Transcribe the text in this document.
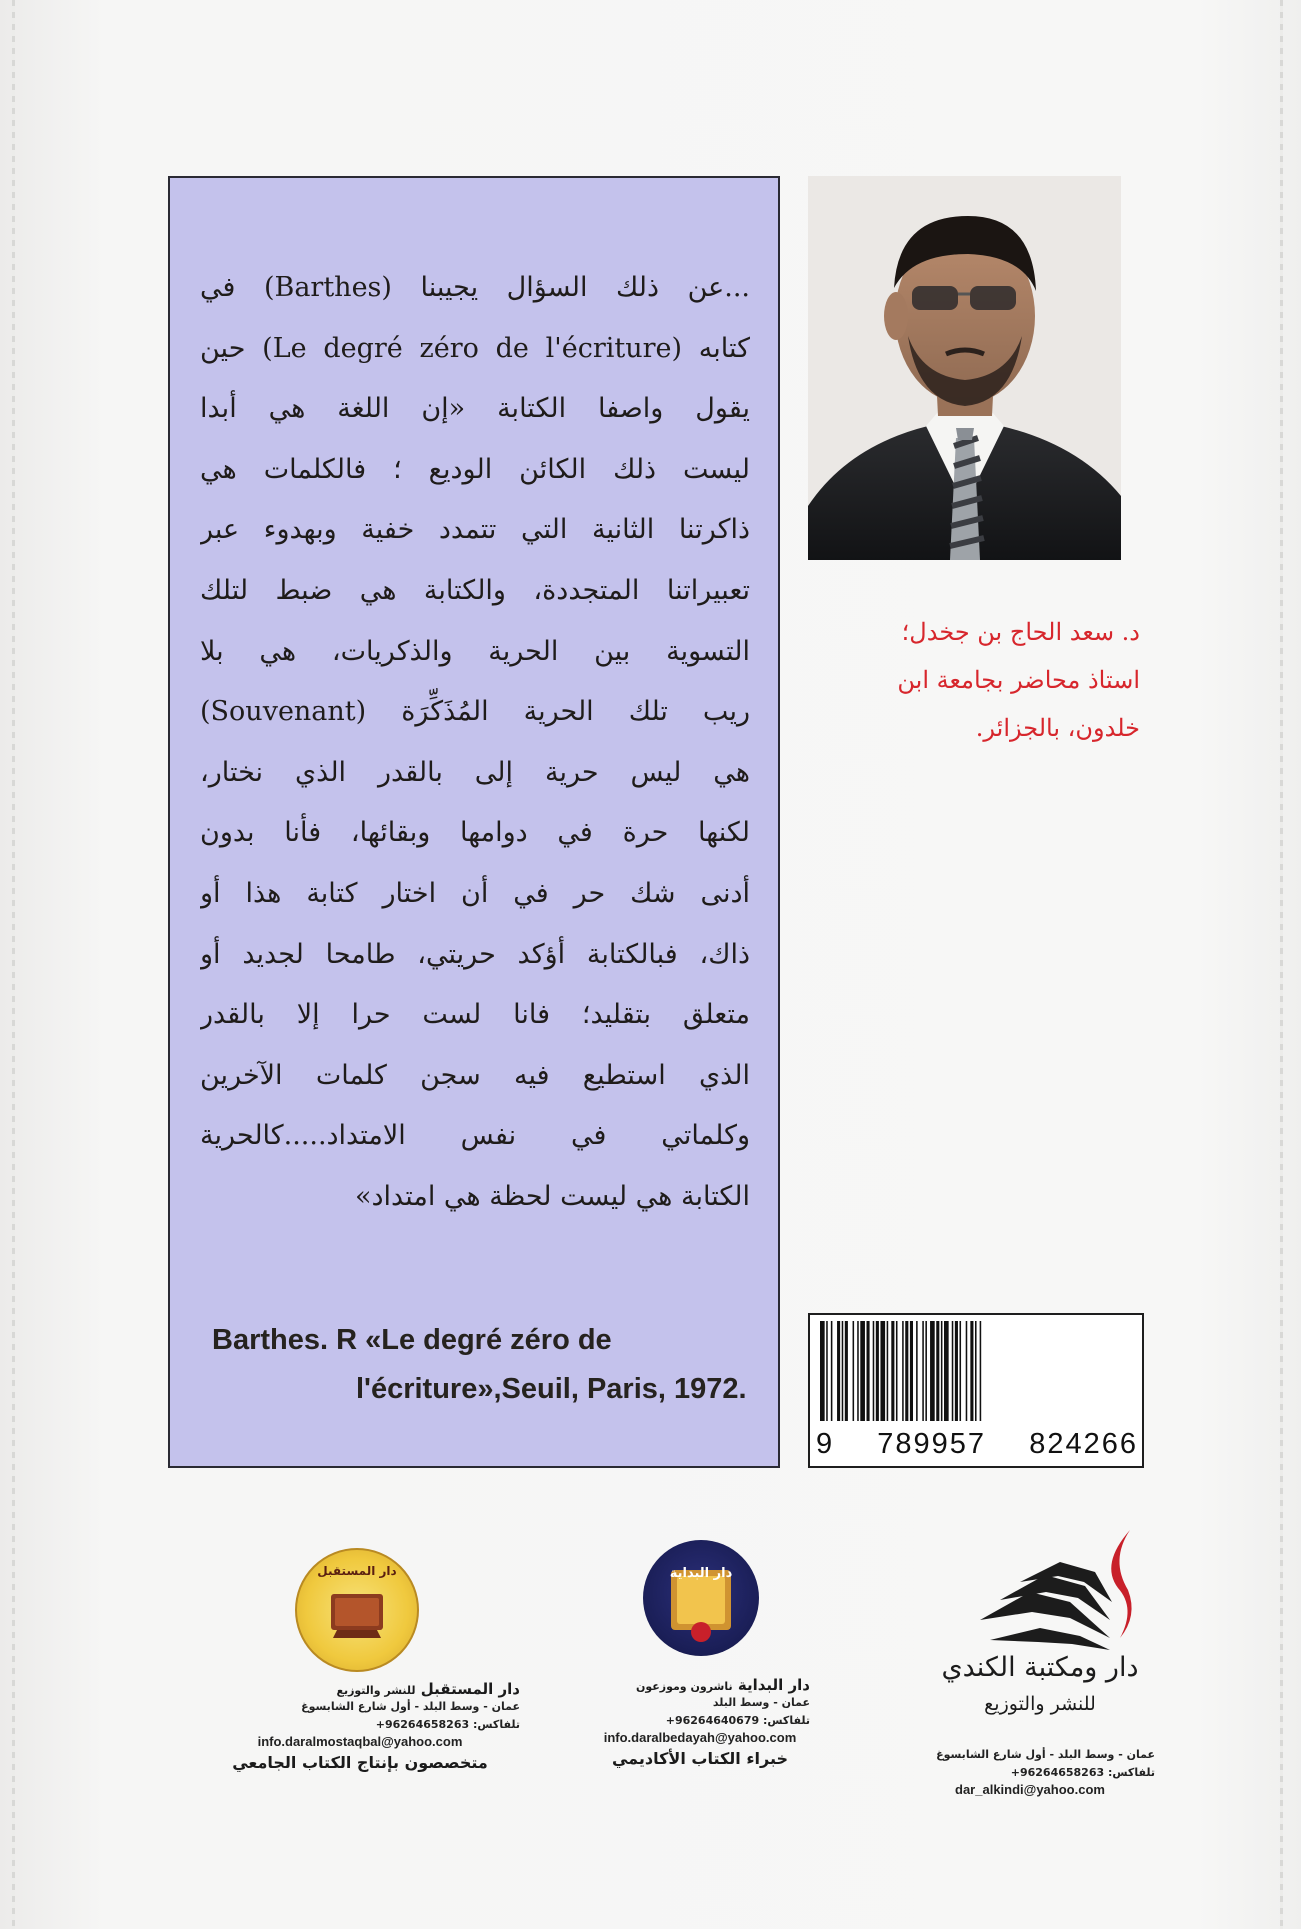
...عن ذلك السؤال يجيبنا (Barthes) في
كتابه (Le degré zéro de l'écriture) حين
يقول واصفا الكتابة «إن اللغة هي أبدا
ليست ذلك الكائن الوديع ؛ فالكلمات هي
ذاكرتنا الثانية التي تتمدد خفية وبهدوء عبر
تعبيراتنا المتجددة، والكتابة هي ضبط لتلك
التسوية بين الحرية والذكريات، هي بلا
ريب تلك الحرية المُذَكِّرَة (Souvenant)
هي ليس حرية إلى بالقدر الذي نختار،
لكنها حرة في دوامها وبقائها، فأنا بدون
أدنى شك حر في أن اختار كتابة هذا أو
ذاك، فبالكتابة أؤكد حريتي، طامحا لجديد أو
متعلق بتقليد؛ فانا لست حرا إلا بالقدر
الذي استطيع فيه سجن كلمات الآخرين
وكلماتي في نفس الامتداد.....كالحرية
الكتابة هي ليست لحظة هي امتداد»
Barthes. R «Le degré zéro de
l'écriture»,Seuil, Paris, 1972.
د. سعد الحاج بن جخدل؛
استاذ محاضر بجامعة ابن
خلدون، بالجزائر.
9 789957 824266
دار ومكتبة الكندي
للنشر والتوزيع
عمان - وسط البلد - أول شارع الشابسوغ
تلفاكس: 96264658263+
dar_alkindi@yahoo.com
دار البداية
دار البداية ناشرون وموزعون
عمان - وسط البلد
تلفاكس: 96264640679+
info.daralbedayah@yahoo.com
خبراء الكتاب الأكاديمي
دار المستقبل
دار المستقبل للنشر والتوزيع
عمان - وسط البلد - أول شارع الشابسوغ
تلفاكس: 96264658263+
info.daralmostaqbal@yahoo.com
متخصصون بإنتاج الكتاب الجامعي
